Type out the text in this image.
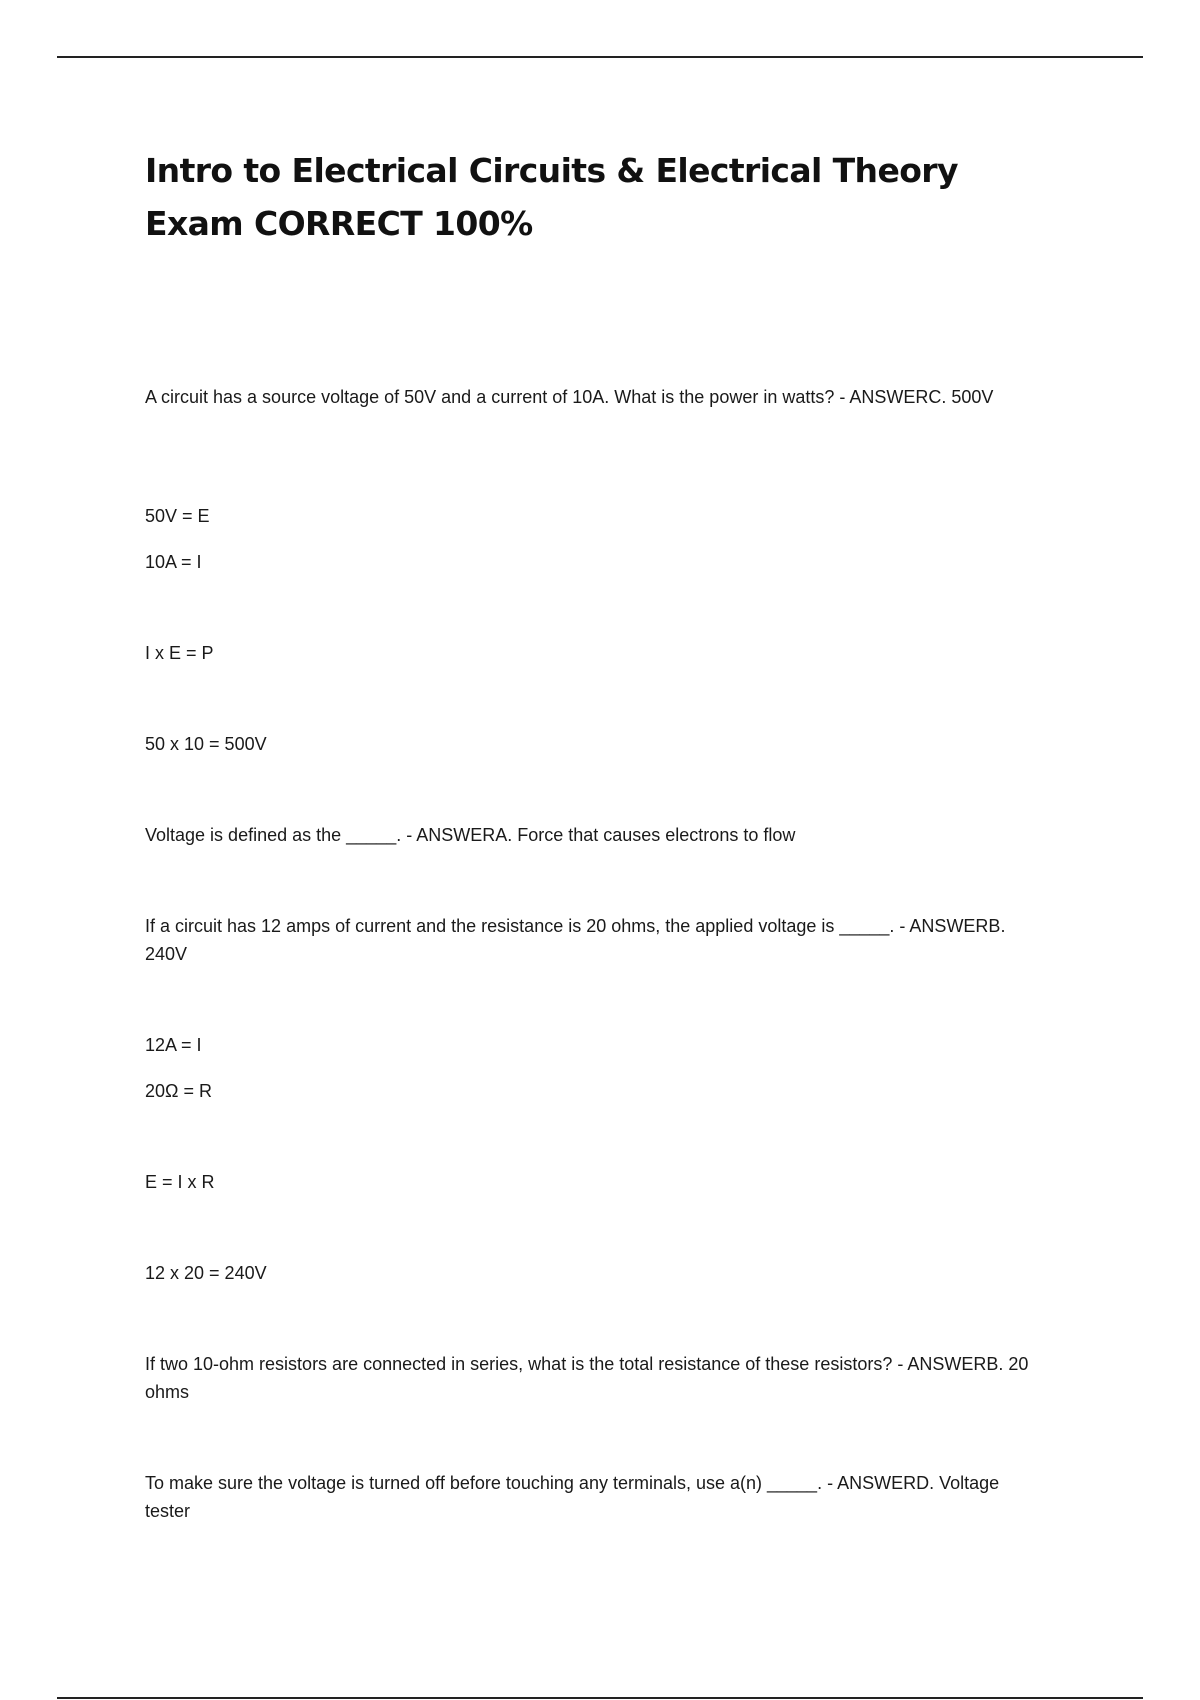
Intro to Electrical Circuits & Electrical Theory Exam CORRECT 100%

A circuit has a source voltage of 50V and a current of 10A. What is the power in watts? - ANSWERC. 500V

50V = E

10A = I

I x E = P

50 x 10 = 500V

Voltage is defined as the _____. - ANSWERA. Force that causes electrons to flow

If a circuit has 12 amps of current and the resistance is 20 ohms, the applied voltage is _____. - ANSWERB. 240V

12A = I

20Ω = R

E = I x R

12 x 20 = 240V

If two 10-ohm resistors are connected in series, what is the total resistance of these resistors? - ANSWERB. 20 ohms

To make sure the voltage is turned off before touching any terminals, use a(n) _____. - ANSWERD. Voltage tester
